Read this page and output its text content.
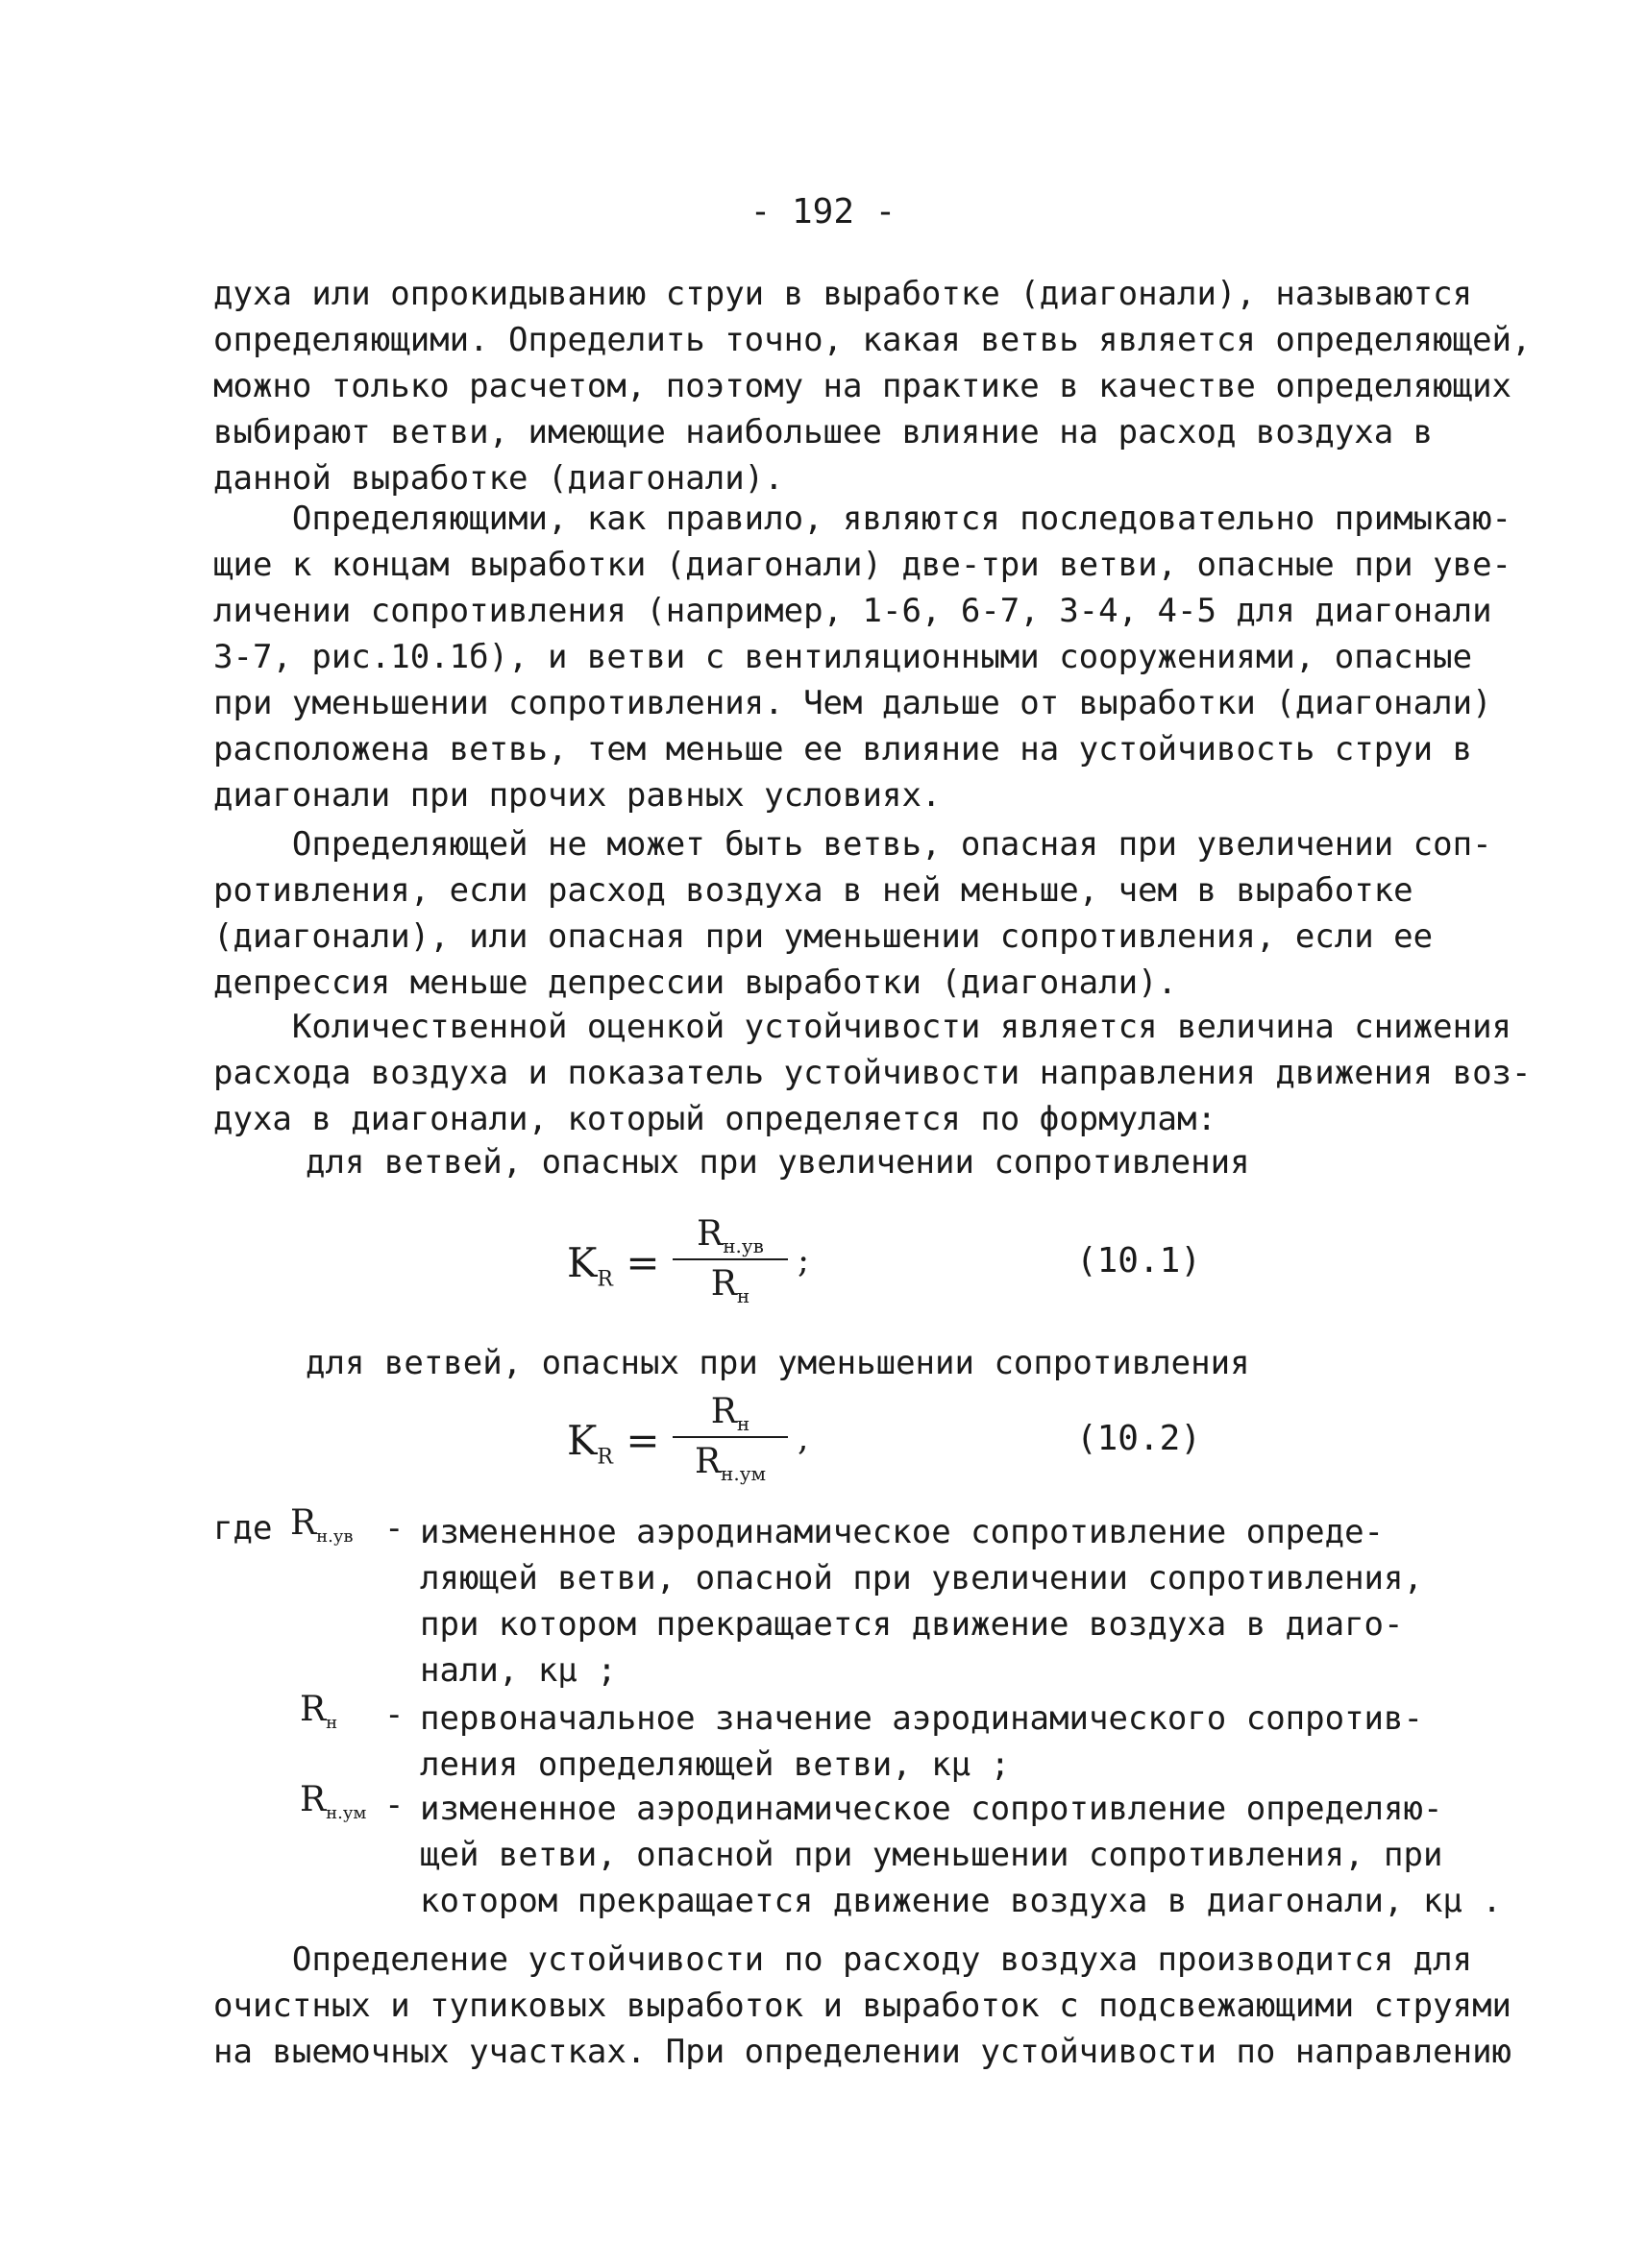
- 192 -
духа или опрокидыванию струи в выработке (диагонали), называются
определяющими. Определить точно, какая ветвь является определяющей,
можно только расчетом, поэтому на практике в качестве определяющих
выбирают ветви, имеющие наибольшее влияние на расход воздуха в
данной выработке (диагонали).
Определяющими, как правило, являются последовательно примыкаю-
щие к концам выработки (диагонали) две-три ветви, опасные при уве-
личении сопротивления (например, 1-6, 6-7, 3-4, 4-5 для диагонали
3-7, рис.10.1б), и ветви с вентиляционными сооружениями, опасные
при уменьшении сопротивления. Чем дальше от выработки (диагонали)
расположена ветвь, тем меньше ее влияние на устойчивость струи в
диагонали при прочих равных условиях.
Определяющей не может быть ветвь, опасная при увеличении соп-
ротивления, если расход воздуха в ней меньше, чем в выработке
(диагонали), или опасная при уменьшении сопротивления, если ее
депрессия меньше депрессии выработки (диагонали).
Количественной оценкой устойчивости является величина снижения
расхода воздуха и показатель устойчивости направления движения воз-
духа в диагонали, который определяется по формулам:
для ветвей, опасных при увеличении сопротивления
$K_R$ =
$R_{н.ув}$
$R_н$
;	(10.1)
для ветвей, опасных при уменьшении сопротивления
$K_R$ =
$R_н$
$R_{н.ум}$
,	(10.2)
где $R_{н.ув}$ - измененное аэродинамическое сопротивление опреде-
ляющей ветви, опасной при увеличении сопротивления,
при котором прекращается движение воздуха в диаго-
нали, кμ ;
$R_н$ - первоначальное значение аэродинамического сопротив-
ления определяющей ветви, кμ ;
$R_{н.ум}$ - измененное аэродинамическое сопротивление определяю-
щей ветви, опасной при уменьшении сопротивления, при
котором прекращается движение воздуха в диагонали, кμ .
Определение устойчивости по расходу воздуха производится для
очистных и тупиковых выработок и выработок с подсвежающими струями
на выемочных участках. При определении устойчивости по направлению
